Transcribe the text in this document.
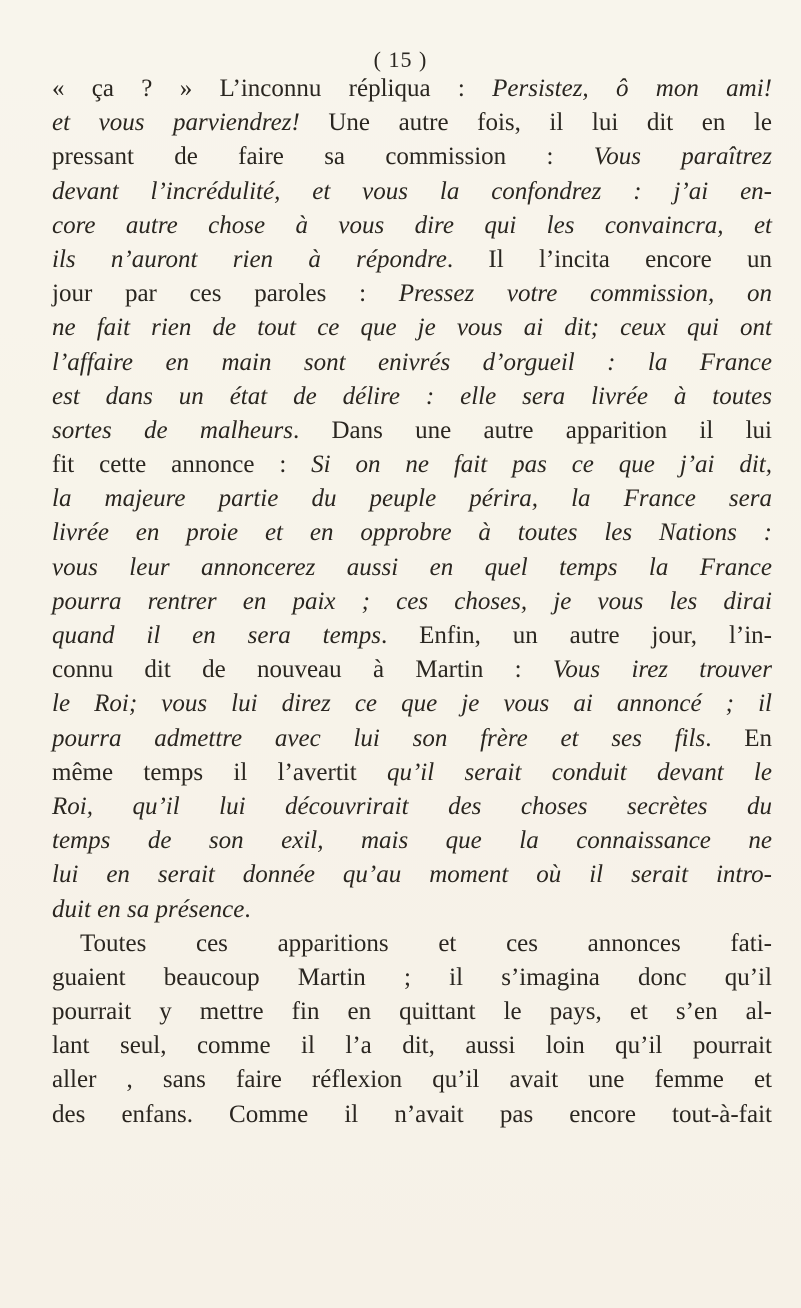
( 15 )
« ça ? » L’inconnu répliqua : Persistez, ô mon ami!
et vous parviendrez! Une autre fois, il lui dit en le
pressant de faire sa commission : Vous paraîtrez
devant l’incrédulité, et vous la confondrez : j’ai en-
core autre chose à vous dire qui les convaincra, et
ils n’auront rien à répondre. Il l’incita encore un
jour par ces paroles : Pressez votre commission, on
ne fait rien de tout ce que je vous ai dit; ceux qui ont
l’affaire en main sont enivrés d’orgueil : la France
est dans un état de délire : elle sera livrée à toutes
sortes de malheurs. Dans une autre apparition il lui
fit cette annonce : Si on ne fait pas ce que j’ai dit,
la majeure partie du peuple périra, la France sera
livrée en proie et en opprobre à toutes les Nations :
vous leur annoncerez aussi en quel temps la France
pourra rentrer en paix ; ces choses, je vous les dirai
quand il en sera temps. Enfin, un autre jour, l’in-
connu dit de nouveau à Martin : Vous irez trouver
le Roi; vous lui direz ce que je vous ai annoncé ; il
pourra admettre avec lui son frère et ses fils. En
même temps il l’avertit qu’il serait conduit devant le
Roi, qu’il lui découvrirait des choses secrètes du
temps de son exil, mais que la connaissance ne
lui en serait donnée qu’au moment où il serait intro-
duit en sa présence.
Toutes ces apparitions et ces annonces fati-
guaient beaucoup Martin ; il s’imagina donc qu’il
pourrait y mettre fin en quittant le pays, et s’en al-
lant seul, comme il l’a dit, aussi loin qu’il pourrait
aller , sans faire réflexion qu’il avait une femme et
des enfans. Comme il n’avait pas encore tout-à-fait
